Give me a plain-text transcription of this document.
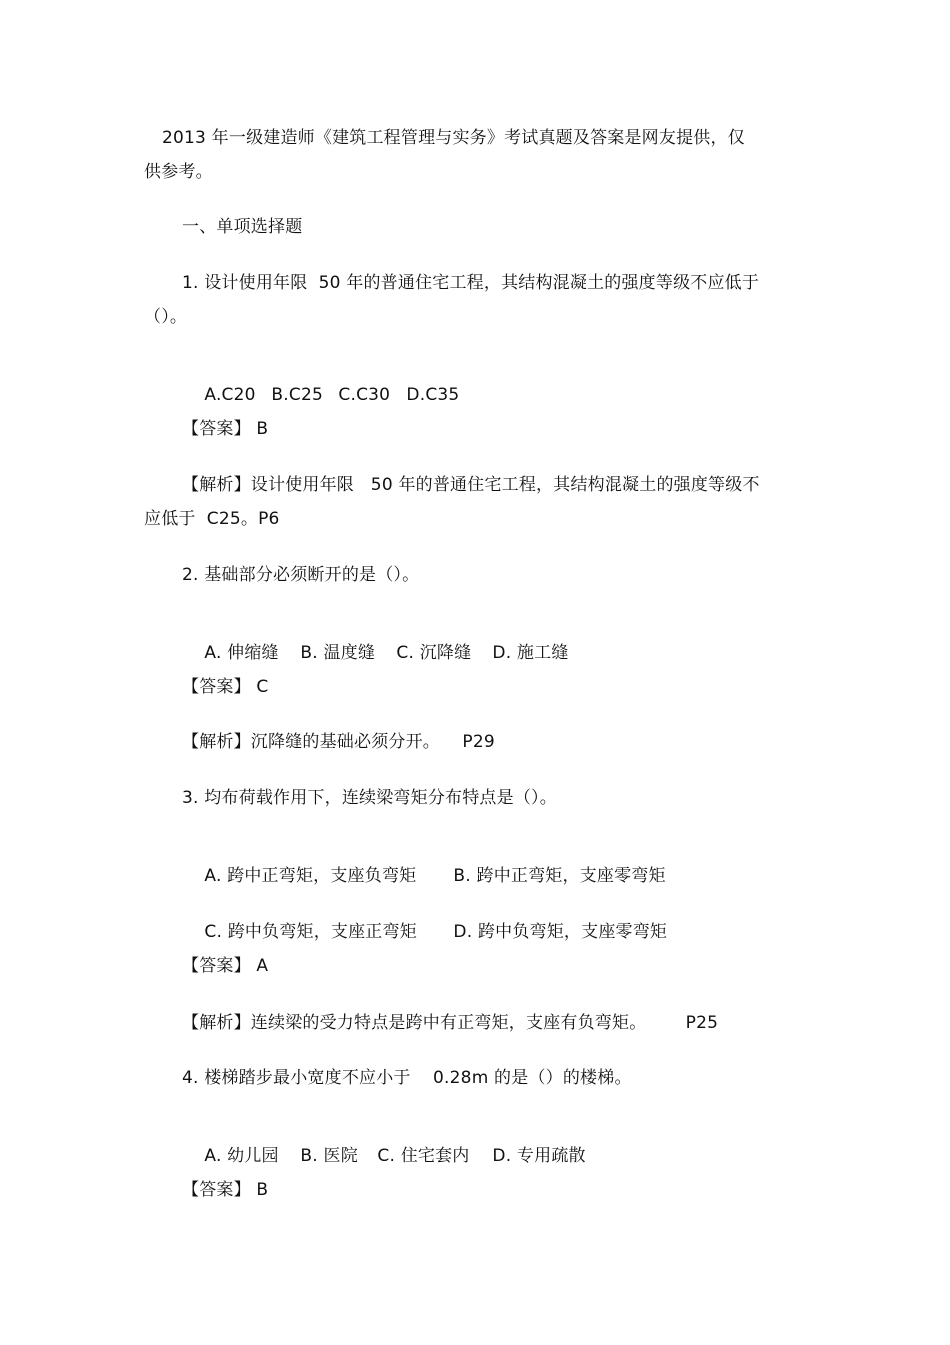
2013 年一级建造师《建筑工程管理与实务》考试真题及答案是网友提供，仅
供参考。
一、单项选择题
1. 设计使用年限  50 年的普通住宅工程，其结构混凝土的强度等级不应低于
（）。

A.C20 B.C25 C.C30 D.C35

【答案】 B
【解析】设计使用年限   50 年的普通住宅工程，其结构混凝土的强度等级不
应低于  C25。P6
2. 基础部分必须断开的是（）。

A. 伸缩缝 B. 温度缝 C. 沉降缝 D. 施工缝

【答案】 C
【解析】沉降缝的基础必须分开。    P29
3. 均布荷载作用下，连续梁弯矩分布特点是（）。

A. 跨中正弯矩，支座负弯矩 B. 跨中正弯矩，支座零弯矩

C. 跨中负弯矩，支座正弯矩 D. 跨中负弯矩，支座零弯矩

【答案】 A
【解析】连续梁的受力特点是跨中有正弯矩，支座有负弯矩。       P25
4. 楼梯踏步最小宽度不应小于    0.28m 的是（）的楼梯。

A. 幼儿园 B. 医院 C. 住宅套内 D. 专用疏散

【答案】 B
